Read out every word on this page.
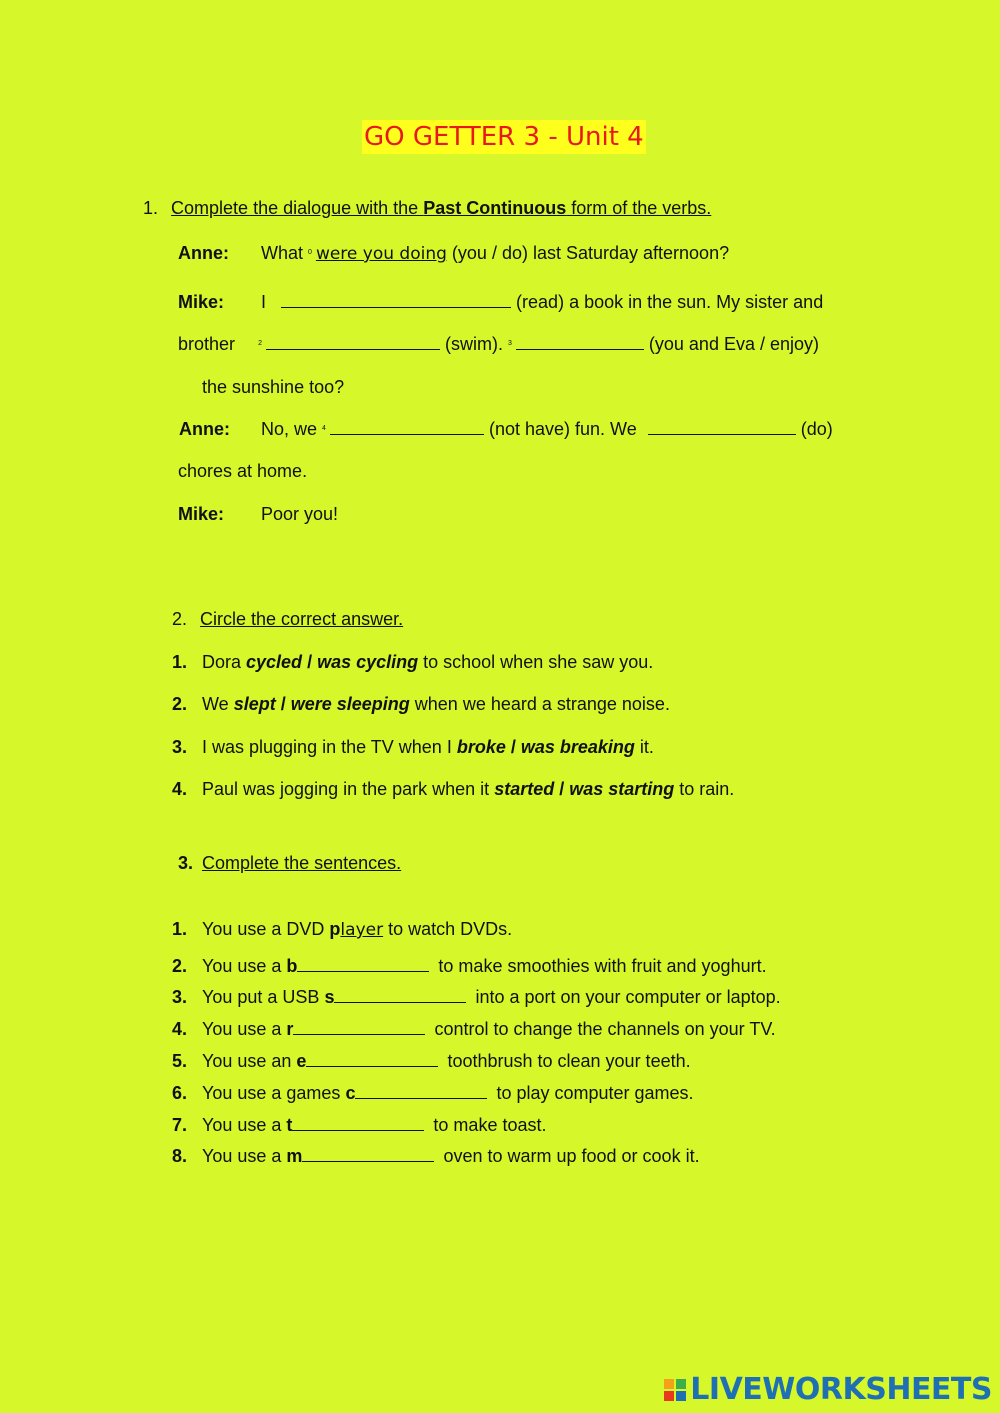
GO GETTER 3 - Unit 4
1. Complete the dialogue with the Past Continuous form of the verbs.
Anne: What $^0$ were you doing (you / do) last Saturday afternoon?
Mike: I	(read) a book in the sun. My sister and
brother	$^2$	(swim). $^3$	(you and Eva / enjoy)
the sunshine too?
Anne: No, we $^4$	(not have) fun. We	(do)
chores at home.
Mike: Poor you!
2. Circle the correct answer.
1. Dora cycled / was cycling to school when she saw you.
2. We slept / were sleeping when we heard a strange noise.
3. I was plugging in the TV when I broke / was breaking it.
4. Paul was jogging in the park when it started / was starting to rain.
3. Complete the sentences.
1. You use a DVD player to watch DVDs.
2. You use a b	to make smoothies with fruit and yoghurt.
3. You put a USB s	into a port on your computer or laptop.
4. You use a r	control to change the channels on your TV.
5. You use an e	toothbrush to clean your teeth.
6. You use a games c	to play computer games.
7. You use a t	to make toast.
8. You use a m	oven to warm up food or cook it.
LIVEWORKSHEETS
